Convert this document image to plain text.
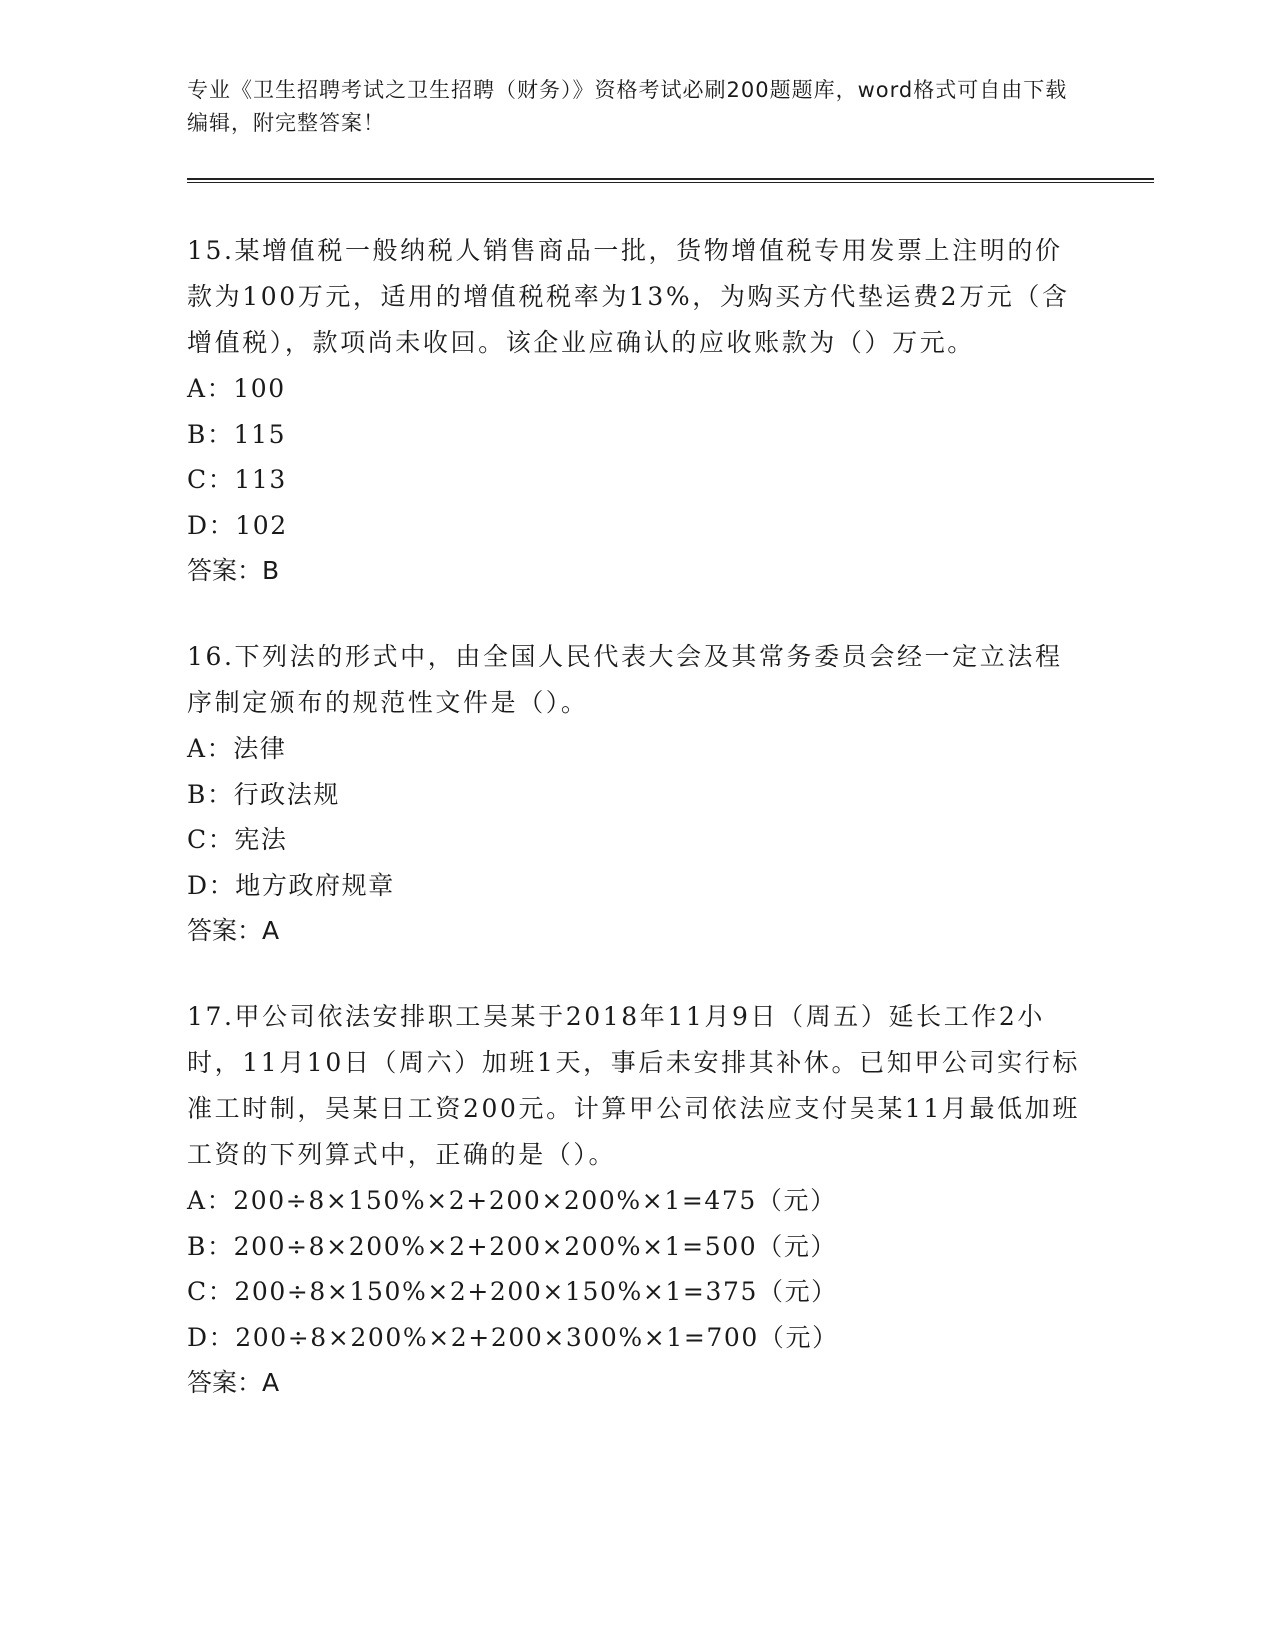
专业《卫生招聘考试之卫生招聘（财务）》资格考试必刷200题题库，word格式可自由下载编辑，附完整答案！

15.某增值税一般纳税人销售商品一批，货物增值税专用发票上注明的价款为100万元，适用的增值税税率为13%，为购买方代垫运费2万元（含增值税），款项尚未收回。该企业应确认的应收账款为（）万元。

A：100

B：115

C：113

D：102

答案：B

16.下列法的形式中，由全国人民代表大会及其常务委员会经一定立法程序制定颁布的规范性文件是（）。

A：法律

B：行政法规

C：宪法

D：地方政府规章

答案：A

17.甲公司依法安排职工吴某于2018年11月9日（周五）延长工作2小时，11月10日（周六）加班1天，事后未安排其补休。已知甲公司实行标准工时制，吴某日工资200元。计算甲公司依法应支付吴某11月最低加班工资的下列算式中，正确的是（）。

A：200÷8×150%×2+200×200%×1=475（元）

B：200÷8×200%×2+200×200%×1=500（元）

C：200÷8×150%×2+200×150%×1=375（元）

D：200÷8×200%×2+200×300%×1=700（元）

答案：A
